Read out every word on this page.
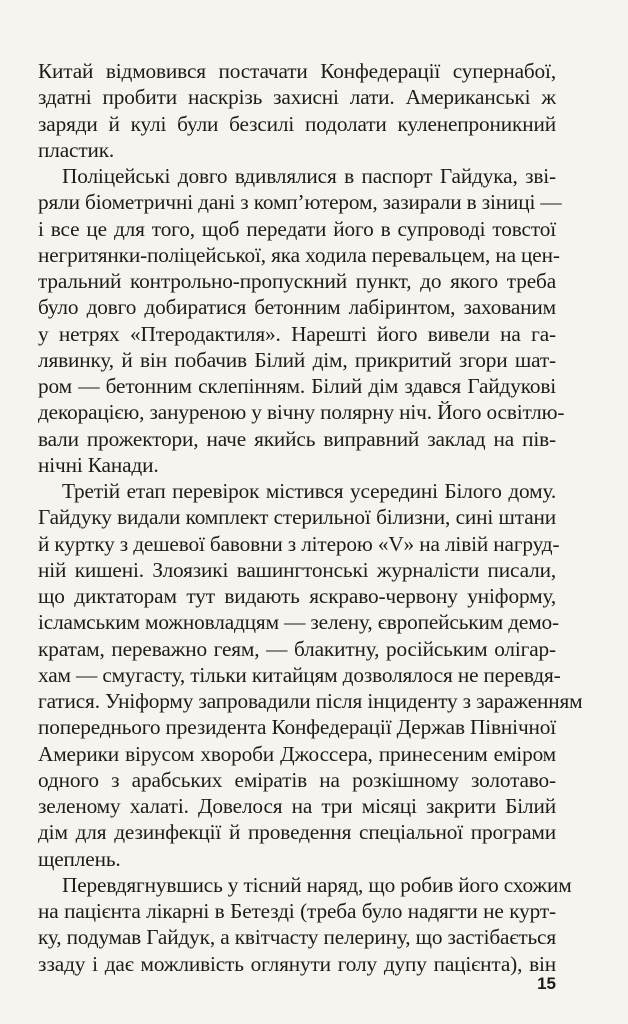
Китай відмовився постачати Конфедерації супернабої,
здатні пробити наскрізь захисні лати. Американські ж
заряди й кулі були безсилі подолати куленепроникний
пластик.
Поліцейські довго вдивлялися в паспорт Гайдука, зві-
ряли біометричні дані з комп’ютером, зазирали в зіниці —
і все це для того, щоб передати його в супроводі товстої
негритянки-поліцейської, яка ходила перевальцем, на цен-
тральний контрольно-пропускний пункт, до якого треба
було довго добиратися бетонним лабіринтом, захованим
у нетрях «Птеродактиля». Нарешті його вивели на га-
лявинку, й він побачив Білий дім, прикритий згори шат-
ром — бетонним склепінням. Білий дім здався Гайдукові
декорацією, зануреною у вічну полярну ніч. Його освітлю-
вали прожектори, наче якийсь виправний заклад на пів-
нічні Канади.
Третій етап перевірок містився усередині Білого дому.
Гайдуку видали комплект стерильної білизни, сині штани
й куртку з дешевої бавовни з літерою «V» на лівій нагруд-
ній кишені. Злоязикі вашингтонські журналісти писали,
що диктаторам тут видають яскраво-червону уніформу,
ісламським можновладцям — зелену, європейським демо-
кратам, переважно геям, — блакитну, російським олігар-
хам — смугасту, тільки китайцям дозволялося не перевдя-
гатися. Уніформу запровадили після інциденту з зараженням
попереднього президента Конфедерації Держав Північної
Америки вірусом хвороби Джоссера, принесеним еміром
одного з арабських eміратів на розкішному золотаво-
зеленому халаті. Довелося на три місяці закрити Білий
дім для дезинфекції й проведення спеціальної програми
щеплень.
Перевдягнувшись у тісний наряд, що робив його схожим
на пацієнта лікарні в Бетезді (треба було надягти не курт-
ку, подумав Гайдук, а квітчасту пелерину, що застібається
ззаду і дає можливість оглянути голу дупу пацієнта), він
15
